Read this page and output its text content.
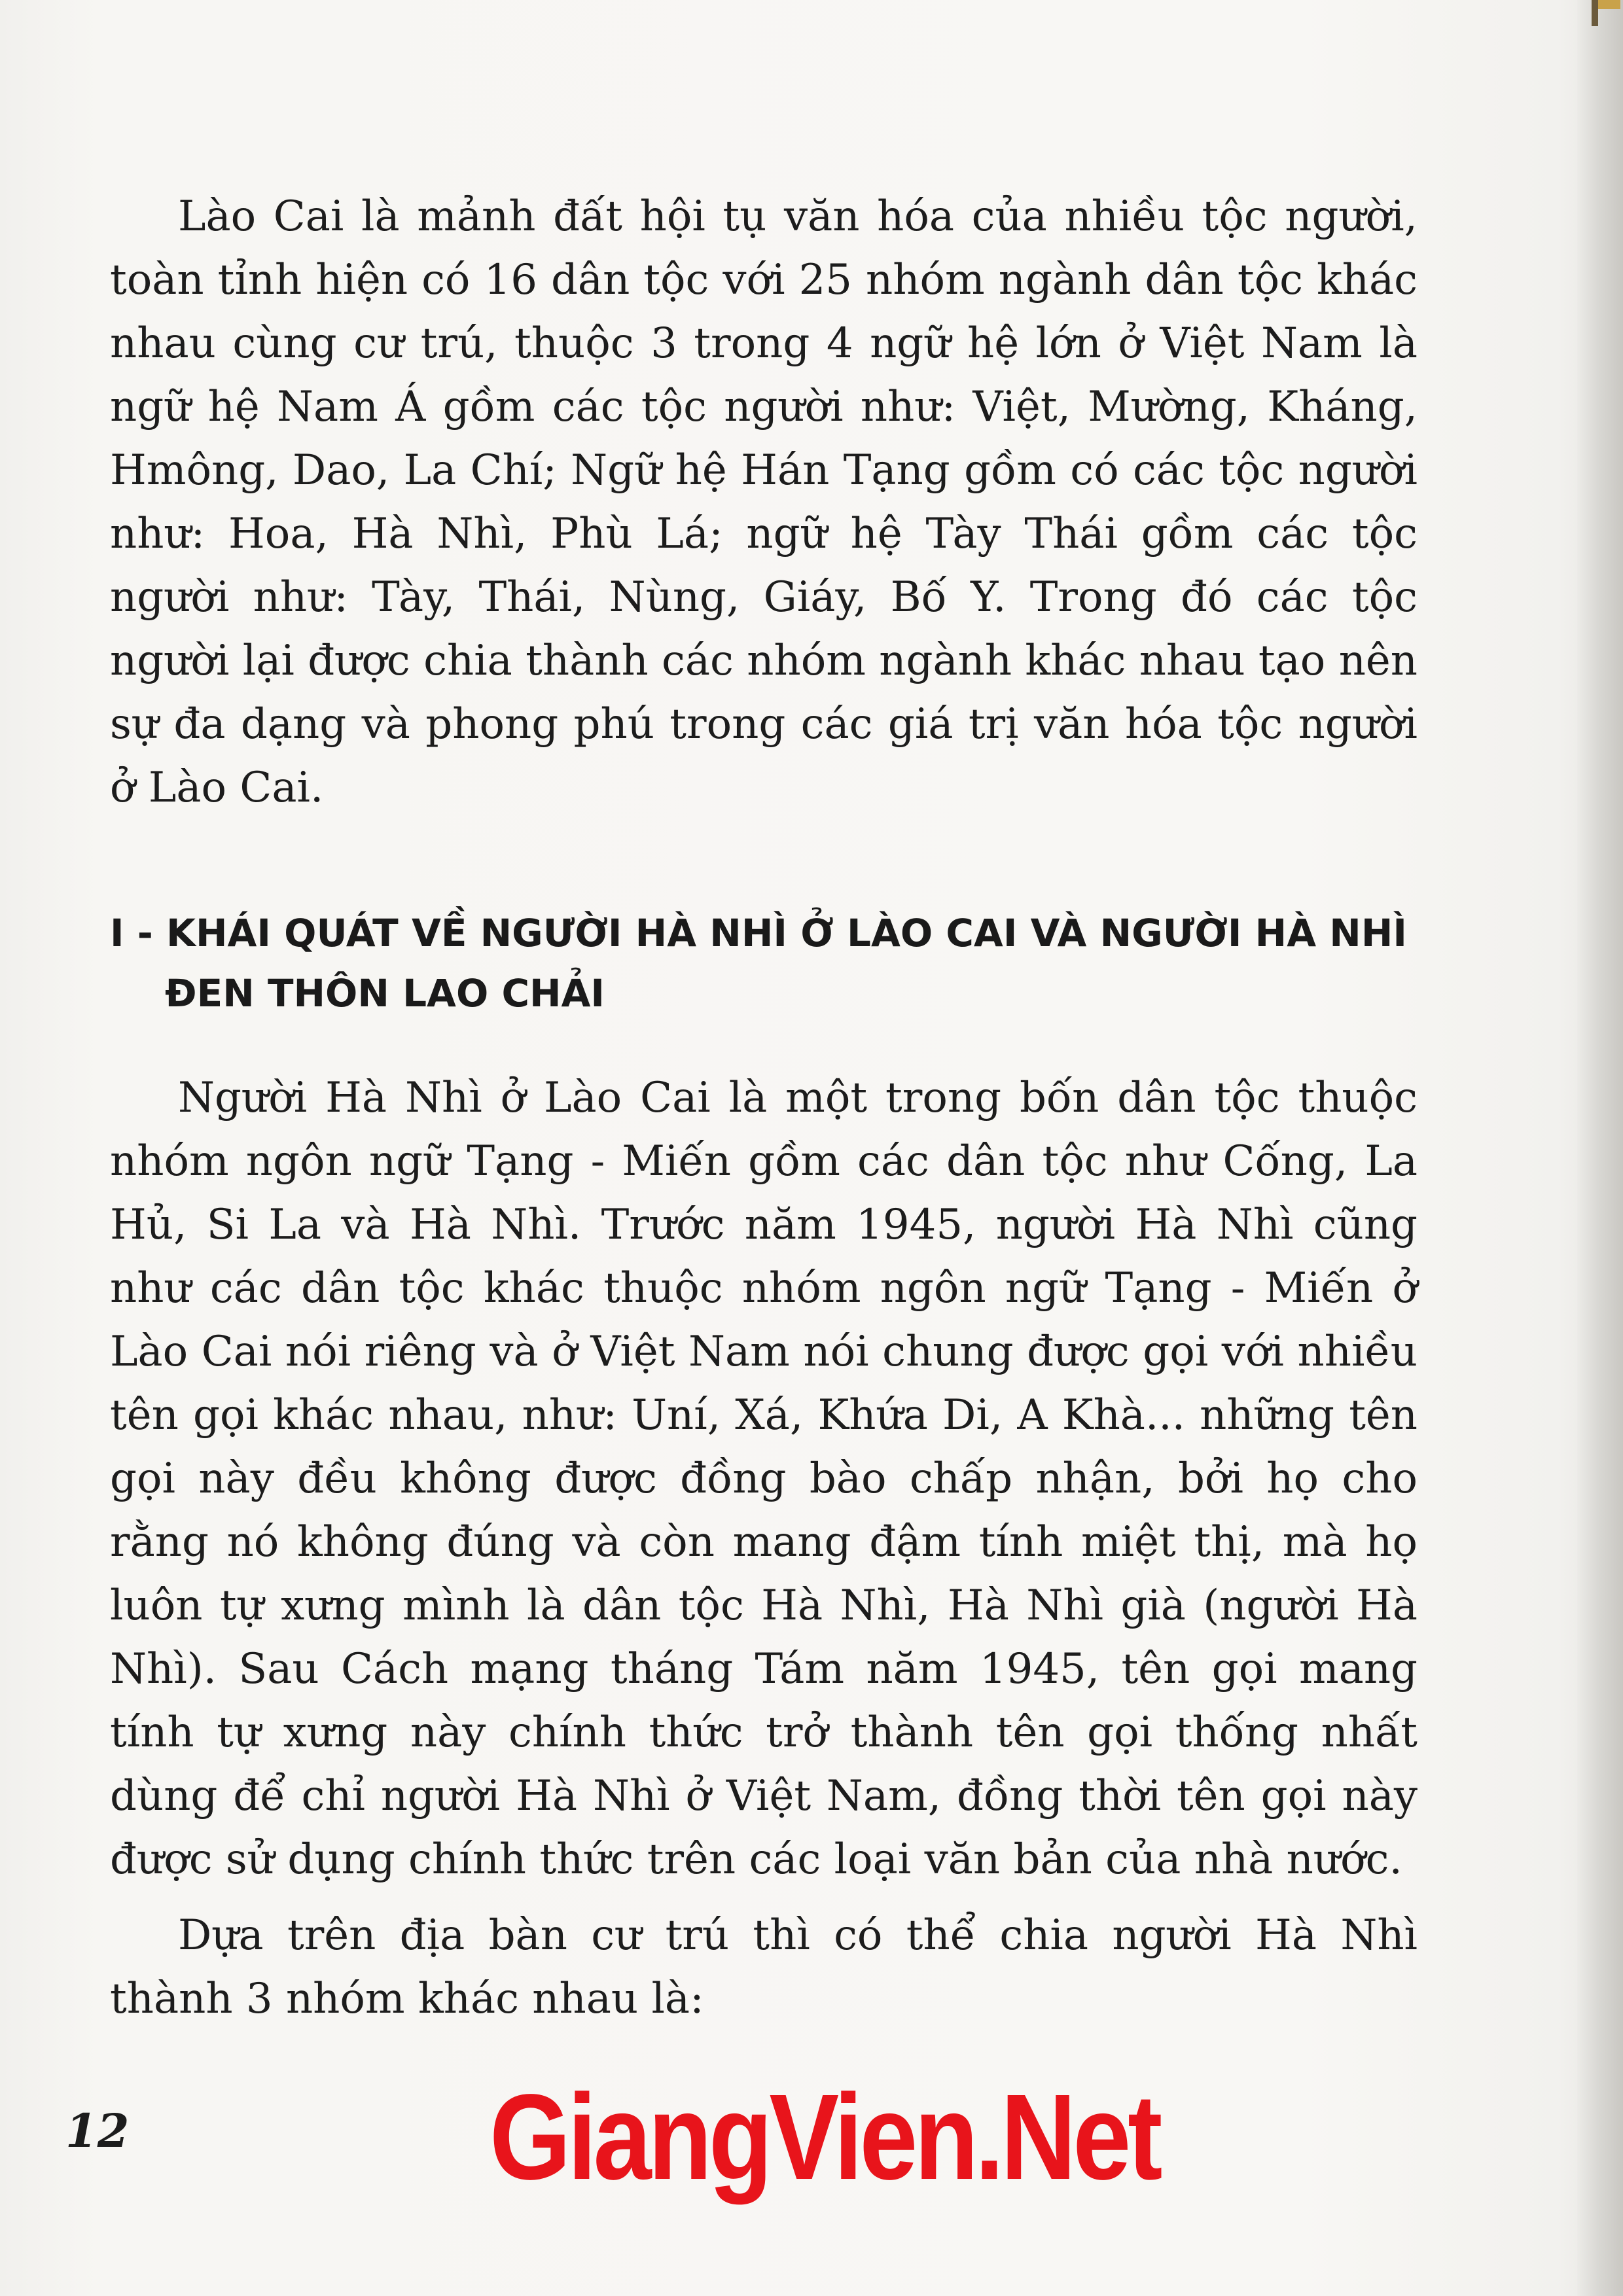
Lào Cai là mảnh đất hội tụ văn hóa của nhiều tộc người, toàn tỉnh hiện có 16 dân tộc với 25 nhóm ngành dân tộc khác nhau cùng cư trú, thuộc 3 trong 4 ngữ hệ lớn ở Việt Nam là ngữ hệ Nam Á gồm các tộc người như: Việt, Mường, Kháng, Hmông, Dao, La Chí; Ngữ hệ Hán Tạng gồm có các tộc người như: Hoa, Hà Nhì, Phù Lá; ngữ hệ Tày Thái gồm các tộc người như: Tày, Thái, Nùng, Giáy, Bố Y. Trong đó các tộc người lại được chia thành các nhóm ngành khác nhau tạo nên sự đa dạng và phong phú trong các giá trị văn hóa tộc người ở Lào Cai.

I - KHÁI QUÁT VỀ NGƯỜI HÀ NHÌ Ở LÀO CAI VÀ NGƯỜI HÀ NHÌ ĐEN THÔN LAO CHẢI

Người Hà Nhì ở Lào Cai là một trong bốn dân tộc thuộc nhóm ngôn ngữ Tạng - Miến gồm các dân tộc như Cống, La Hủ, Si La và Hà Nhì. Trước năm 1945, người Hà Nhì cũng như các dân tộc khác thuộc nhóm ngôn ngữ Tạng - Miến ở Lào Cai nói riêng và ở Việt Nam nói chung được gọi với nhiều tên gọi khác nhau, như: Uní, Xá, Khứa Di, A Khà... những tên gọi này đều không được đồng bào chấp nhận, bởi họ cho rằng nó không đúng và còn mang đậm tính miệt thị, mà họ luôn tự xưng mình là dân tộc Hà Nhì, Hà Nhì già (người Hà Nhì). Sau Cách mạng tháng Tám năm 1945, tên gọi mang tính tự xưng này chính thức trở thành tên gọi thống nhất dùng để chỉ người Hà Nhì ở Việt Nam, đồng thời tên gọi này được sử dụng chính thức trên các loại văn bản của nhà nước.

Dựa trên địa bàn cư trú thì có thể chia người Hà Nhì thành 3 nhóm khác nhau là:

12	GiangVien.Net
